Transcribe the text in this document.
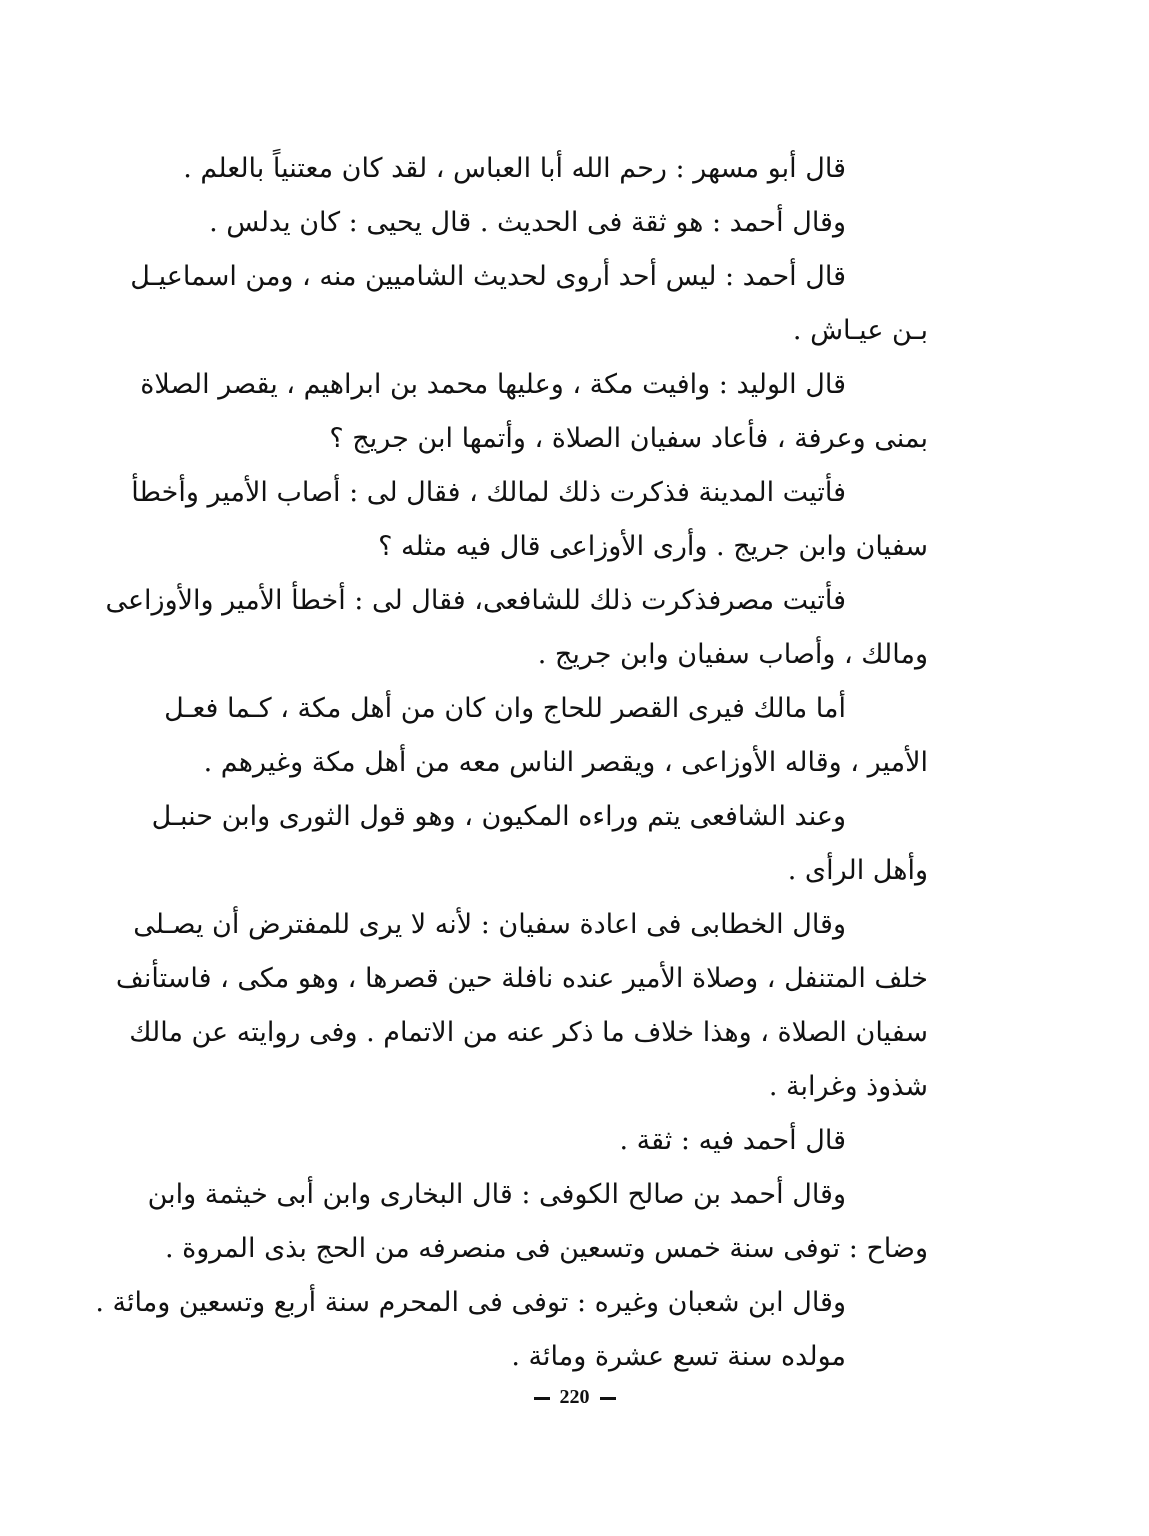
قال أبو مسهر : رحم الله أبا العباس ، لقد كان معتنياً بالعلم .
وقال أحمد : هو ثقة فى الحديث . قال يحيى : كان يدلس .
قال أحمد : ليس أحد أروى لحديث الشاميين منه ، ومن اسماعيـل
بـن عيـاش .
قال الوليد : وافيت مكة ، وعليها محمد بن ابراهيم ، يقصر الصلاة
بمنى وعرفة ، فأعاد سفيان الصلاة ، وأتمها ابن جريج ؟
فأتيت المدينة فذكرت ذلك لمالك ، فقال لى : أصاب الأمير وأخطأ
سفيان وابن جريج . وأرى الأوزاعى قال فيه مثله ؟
فأتيت مصرفذكرت ذلك للشافعى، فقال لى : أخطأ الأمير والأوزاعى
ومالك ، وأصاب سفيان وابن جريج .
أما مالك فيرى القصر للحاج وان كان من أهل مكة ، كـما فعـل
الأمير ، وقاله الأوزاعى ، ويقصر الناس معه من أهل مكة وغيرهم .
وعند الشافعى يتم وراءه المكيون ، وهو قول الثورى وابن حنبـل
وأهل الرأى .
وقال الخطابى فى اعادة سفيان : لأنه لا يرى للمفترض أن يصـلى
خلف المتنفل ، وصلاة الأمير عنده نافلة حين قصرها ، وهو مكى ، فاستأنف
سفيان الصلاة ، وهذا خلاف ما ذكر عنه من الاتمام . وفى روايته عن مالك
شذوذ وغرابة .
قال أحمد فيه : ثقة .
وقال أحمد بن صالح الكوفى : قال البخارى وابن أبى خيثمة وابن
وضاح : توفى سنة خمس وتسعين فى منصرفه من الحج بذى المروة .
وقال ابن شعبان وغيره : توفى فى المحرم سنة أربع وتسعين ومائة .
مولده سنة تسع عشرة ومائة .
220
